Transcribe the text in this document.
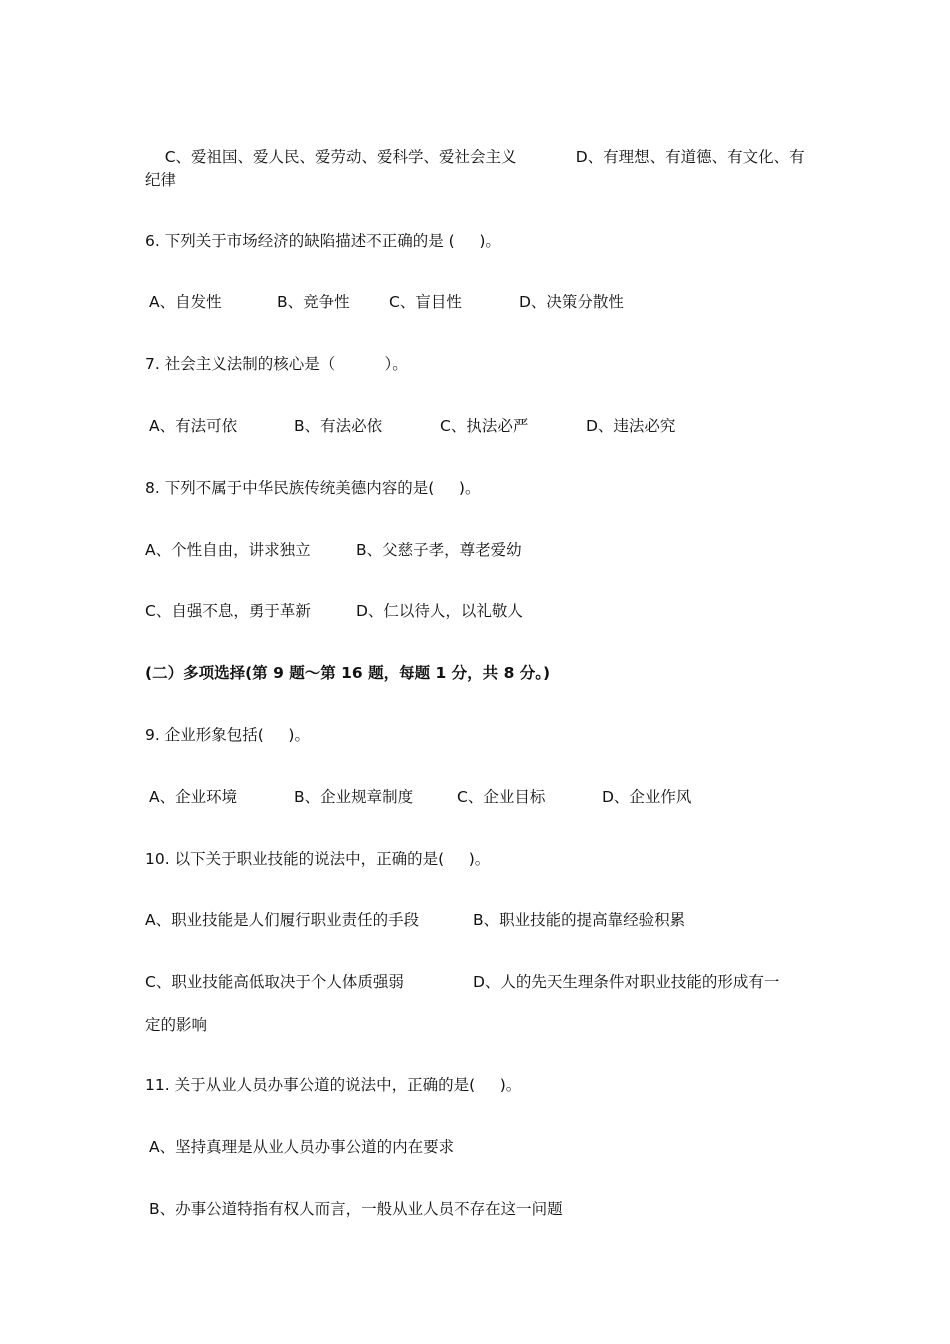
C、爱祖国、爱人民、爱劳动、爱科学、爱社会主义
	D、有理想、有道德、有文化、有

纪律
6. 下列关于市场经济的缺陷描述不正确的是 (     )。
A、自发性	B、竞争性	C、盲目性	D、决策分散性
7. 社会主义法制的核心是（          ）。
A、有法可依	B、有法必依	C、执法必严	D、违法必究
8. 下列不属于中华民族传统美德内容的是(     )。
A、个性自由，讲求独立	B、父慈子孝，尊老爱幼
C、自强不息，勇于革新	D、仁以待人，以礼敬人
(二）多项选择(第 9 题～第 16 题，每题 1 分，共 8 分。)
9. 企业形象包括(     )。
A、企业环境	B、企业规章制度	C、企业目标	D、企业作风
10. 以下关于职业技能的说法中，正确的是(     )。
A、职业技能是人们履行职业责任的手段	B、职业技能的提高靠经验积累
C、职业技能高低取决于个人体质强弱	D、人的先天生理条件对职业技能的形成有一
定的影响
11. 关于从业人员办事公道的说法中，正确的是(     )。
A、坚持真理是从业人员办事公道的内在要求
B、办事公道特指有权人而言，一般从业人员不存在这一问题
